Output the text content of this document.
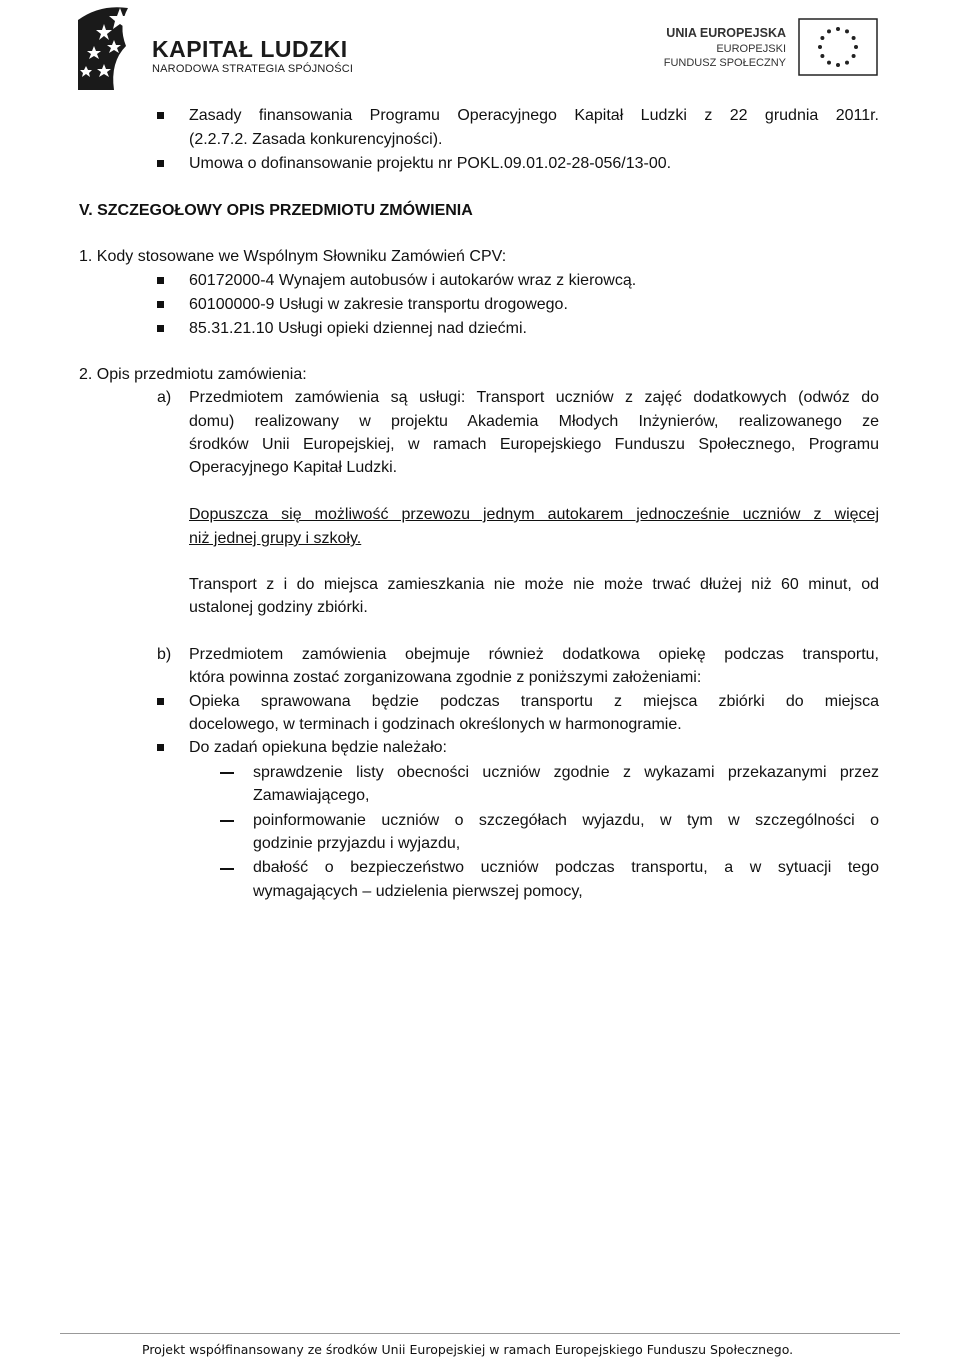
KAPITAŁ LUDZKI
NARODOWA STRATEGIA SPÓJNOŚCI
UNIA EUROPEJSKA
EUROPEJSKI
FUNDUSZ SPOŁECZNY
Zasady finansowania Programu Operacyjnego Kapitał Ludzki z 22 grudnia 2011r.
(2.2.7.2. Zasada konkurencyjności).
Umowa o dofinansowanie projektu nr POKL.09.01.02-28-056/13-00.
V. SZCZEGOŁOWY OPIS PRZEDMIOTU ZMÓWIENIA
1. Kody stosowane we Wspólnym Słowniku Zamówień CPV:
60172000-4 Wynajem autobusów i autokarów wraz z kierowcą.
60100000-9 Usługi w zakresie transportu drogowego.
85.31.21.10 Usługi opieki dziennej nad dziećmi.
2. Opis przedmiotu zamówienia:
a) Przedmiotem zamówienia są usługi: Transport uczniów z zajęć dodatkowych (odwóz do
domu) realizowany w projektu Akademia Młodych Inżynierów, realizowanego ze
środków Unii Europejskiej, w ramach Europejskiego Funduszu Społecznego, Programu
Operacyjnego Kapitał Ludzki.
Dopuszcza się możliwość przewozu jednym autokarem jednocześnie uczniów z więcej
niż jednej grupy i szkoły.
Transport z i do miejsca zamieszkania nie może nie może trwać dłużej niż 60 minut, od
ustalonej godziny zbiórki.
b) Przedmiotem zamówienia obejmuje również dodatkowa opiekę podczas transportu,
która powinna zostać zorganizowana zgodnie z poniższymi założeniami:
Opieka sprawowana będzie podczas transportu z miejsca zbiórki do miejsca
docelowego, w terminach i godzinach określonych w harmonogramie.
Do zadań opiekuna będzie należało:
sprawdzenie listy obecności uczniów zgodnie z wykazami przekazanymi przez
Zamawiającego,
poinformowanie uczniów o szczegółach wyjazdu, w tym w szczególności o
godzinie przyjazdu i wyjazdu,
dbałość o bezpieczeństwo uczniów podczas transportu, a w sytuacji tego
wymagających – udzielenia pierwszej pomocy,
Projekt współfinansowany ze środków Unii Europejskiej w ramach Europejskiego Funduszu Społecznego.
